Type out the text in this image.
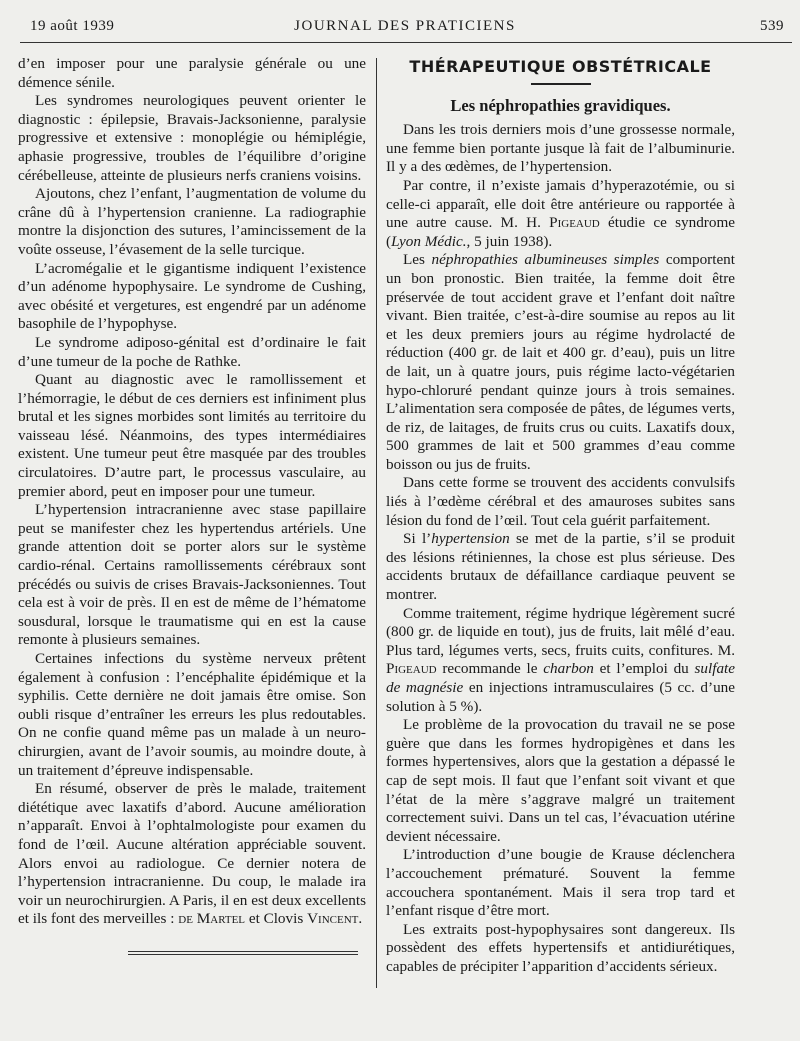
19 août 1939	JOURNAL DES PRATICIENS	539

d’en imposer pour une paralysie générale ou une démence sénile.

Les syndromes neurologiques peuvent orienter le diagnostic : épilepsie, Bravais-Jacksonienne, paralysie progressive et extensive : monoplégie ou hémiplégie, aphasie progressive, troubles de l’équilibre d’origine cérébelleuse, atteinte de plusieurs nerfs craniens voisins.

Ajoutons, chez l’enfant, l’augmentation de volume du crâne dû à l’hypertension cranienne. La radiographie montre la disjonction des sutures, l’amincissement de la voûte osseuse, l’évasement de la selle turcique.

L’acromégalie et le gigantisme indiquent l’existence d’un adénome hypophysaire. Le syndrome de Cushing, avec obésité et vergetures, est engendré par un adénome basophile de l’hypophyse.

Le syndrome adiposo-génital est d’ordinaire le fait d’une tumeur de la poche de Rathke.

Quant au diagnostic avec le ramollissement et l’hémorragie, le début de ces derniers est infiniment plus brutal et les signes morbides sont limités au territoire du vaisseau lésé. Néanmoins, des types intermédiaires existent. Une tumeur peut être masquée par des troubles circulatoires. D’autre part, le processus vasculaire, au premier abord, peut en imposer pour une tumeur.

L’hypertension intracranienne avec stase papillaire peut se manifester chez les hypertendus artériels. Une grande attention doit se porter alors sur le système cardio-rénal. Certains ramollissements cérébraux sont précédés ou suivis de crises Bravais-Jacksoniennes. Tout cela est à voir de près. Il en est de même de l’hématome sousdural, lorsque le traumatisme qui en est la cause remonte à plusieurs semaines.

Certaines infections du système nerveux prêtent également à confusion : l’encéphalite épidémique et la syphilis. Cette dernière ne doit jamais être omise. Son oubli risque d’entraîner les erreurs les plus redoutables. On ne confie quand même pas un malade à un neuro-chirurgien, avant de l’avoir soumis, au moindre doute, à un traitement d’épreuve indispensable.

En résumé, observer de près le malade, traitement diététique avec laxatifs d’abord. Aucune amélioration n’apparaît. Envoi à l’ophtalmologiste pour examen du fond de l’œil. Aucune altération appréciable souvent. Alors envoi au radiologue. Ce dernier notera de l’hypertension intracranienne. Du coup, le malade ira voir un neurochirurgien. A Paris, il en est deux excellents et ils font des merveilles : de Martel et Clovis Vincent.

THÉRAPEUTIQUE OBSTÉTRICALE
Les néphropathies gravidiques.

Dans les trois derniers mois d’une grossesse normale, une femme bien portante jusque là fait de l’albuminurie. Il y a des œdèmes, de l’hypertension.

Par contre, il n’existe jamais d’hyperazotémie, ou si celle-ci apparaît, elle doit être antérieure ou rapportée à une autre cause. M. H. Pigeaud étudie ce syndrome (Lyon Médic., 5 juin 1938).

Les néphropathies albumineuses simples comportent un bon pronostic. Bien traitée, la femme doit être préservée de tout accident grave et l’enfant doit naître vivant. Bien traitée, c’est-à-dire soumise au repos au lit et les deux premiers jours au régime hydrolacté de réduction (400 gr. de lait et 400 gr. d’eau), puis un litre de lait, un à quatre jours, puis régime lacto-végétarien hypo-chloruré pendant quinze jours à trois semaines. L’alimentation sera composée de pâtes, de légumes verts, de riz, de laitages, de fruits crus ou cuits. Laxatifs doux, 500 grammes de lait et 500 grammes d’eau comme boisson ou jus de fruits.

Dans cette forme se trouvent des accidents convulsifs liés à l’œdème cérébral et des amauroses subites sans lésion du fond de l’œil. Tout cela guérit parfaitement.

Si l’hypertension se met de la partie, s’il se produit des lésions rétiniennes, la chose est plus sérieuse. Des accidents brutaux de défaillance cardiaque peuvent se montrer.

Comme traitement, régime hydrique légèrement sucré (800 gr. de liquide en tout), jus de fruits, lait mêlé d’eau. Plus tard, légumes verts, secs, fruits cuits, confitures. M. Pigeaud recommande le charbon et l’emploi du sulfate de magnésie en injections intramusculaires (5 cc. d’une solution à 5 %).

Le problème de la provocation du travail ne se pose guère que dans les formes hydropigènes et dans les formes hypertensives, alors que la gestation a dépassé le cap de sept mois. Il faut que l’enfant soit vivant et que l’état de la mère s’aggrave malgré un traitement correctement suivi. Dans un tel cas, l’évacuation utérine devient nécessaire.

L’introduction d’une bougie de Krause déclenchera l’accouchement prématuré. Souvent la femme accouchera spontanément. Mais il sera trop tard et l’enfant risque d’être mort.

Les extraits post-hypophysaires sont dangereux. Ils possèdent des effets hypertensifs et antidiurétiques, capables de précipiter l’apparition d’accidents sérieux.
